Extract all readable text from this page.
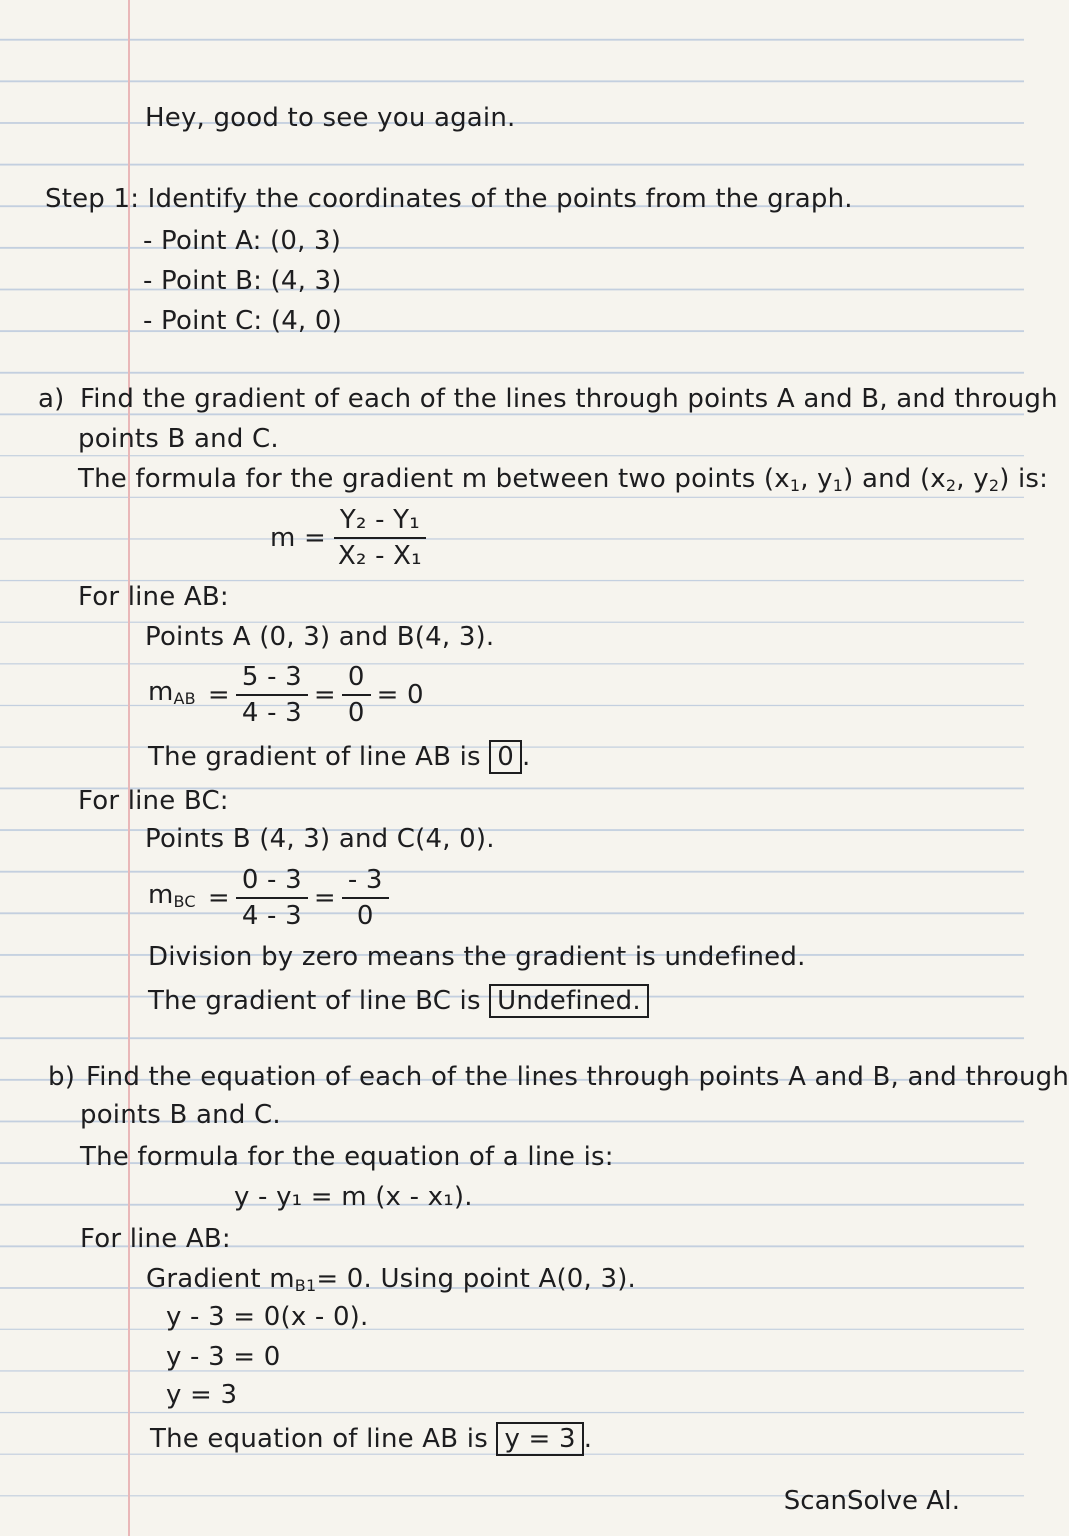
Hey, good to see you again.
Step 1: Identify the coordinates of the points from the graph.
- Point A: (0, 3)
- Point B: (4, 3)
- Point C: (4, 0)
a) Find the gradient of each of the lines through points A and B, and through
points B and C.
The formula for the gradient m between two points ($x_1$, $y_1$) and ($x_2$, $y_2$) is:
$m = \frac{\text{Y₂ - Y₁}}{\text{X₂ - X₁}}$
For line AB:
Points A (0, 3) and B(4, 3).
$m_{AB} = \frac{5 - 3}{4 - 3} = \frac{0}{0} = 0$
The gradient of line AB is 0 .
For line BC:
Points B (4, 3) and C(4, 0).
$m_{BC} = \frac{0 - 3}{4 - 3} = \frac{- 3}{0}$
Division by zero means the gradient is undefined.
The gradient of line BC is Undefined.
b) Find the equation of each of the lines through points A and B, and through
points B and C.
The formula for the equation of a line is:
y - y₁ = m (x - x₁).
For line AB:
Gradient $m_{B1}= 0$. Using point A(0, 3).
y - 3 = 0(x - 0).
y - 3 = 0
y = 3
The equation of line AB is y = 3 .
ScanSolve AI.
